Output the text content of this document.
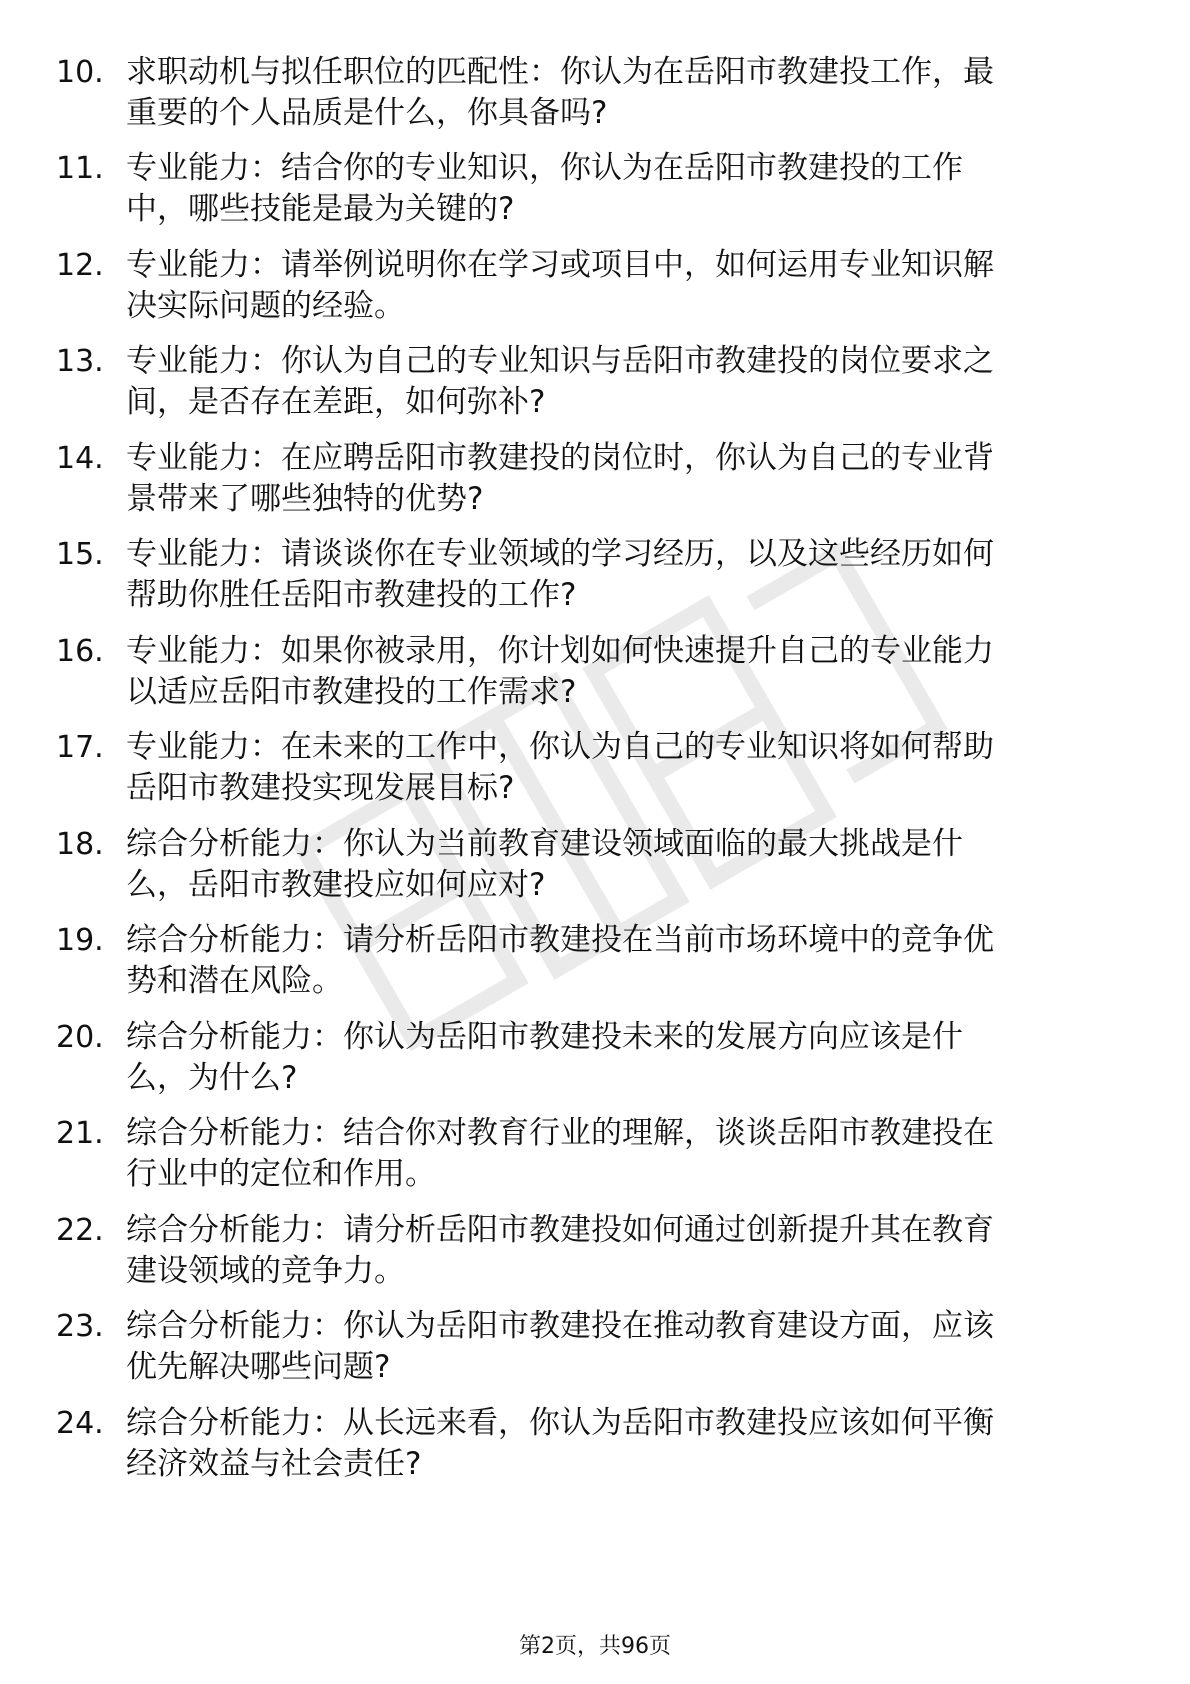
10. 求职动机与拟任职位的匹配性：你认为在岳阳市教建投工作，最
重要的个人品质是什么，你具备吗?
11. 专业能力：结合你的专业知识，你认为在岳阳市教建投的工作
中，哪些技能是最为关键的?
12. 专业能力：请举例说明你在学习或项目中，如何运用专业知识解
决实际问题的经验。
13. 专业能力：你认为自己的专业知识与岳阳市教建投的岗位要求之
间，是否存在差距，如何弥补?
14. 专业能力：在应聘岳阳市教建投的岗位时，你认为自己的专业背
景带来了哪些独特的优势?
15. 专业能力：请谈谈你在专业领域的学习经历，以及这些经历如何
帮助你胜任岳阳市教建投的工作?
16. 专业能力：如果你被录用，你计划如何快速提升自己的专业能力
以适应岳阳市教建投的工作需求?
17. 专业能力：在未来的工作中，你认为自己的专业知识将如何帮助
岳阳市教建投实现发展目标?
18. 综合分析能力：你认为当前教育建设领域面临的最大挑战是什
么，岳阳市教建投应如何应对?
19. 综合分析能力：请分析岳阳市教建投在当前市场环境中的竞争优
势和潜在风险。
20. 综合分析能力：你认为岳阳市教建投未来的发展方向应该是什
么，为什么?
21. 综合分析能力：结合你对教育行业的理解，谈谈岳阳市教建投在
行业中的定位和作用。
22. 综合分析能力：请分析岳阳市教建投如何通过创新提升其在教育
建设领域的竞争力。
23. 综合分析能力：你认为岳阳市教建投在推动教育建设方面，应该
优先解决哪些问题?
24. 综合分析能力：从长远来看，你认为岳阳市教建投应该如何平衡
经济效益与社会责任?
第2页，共96页
